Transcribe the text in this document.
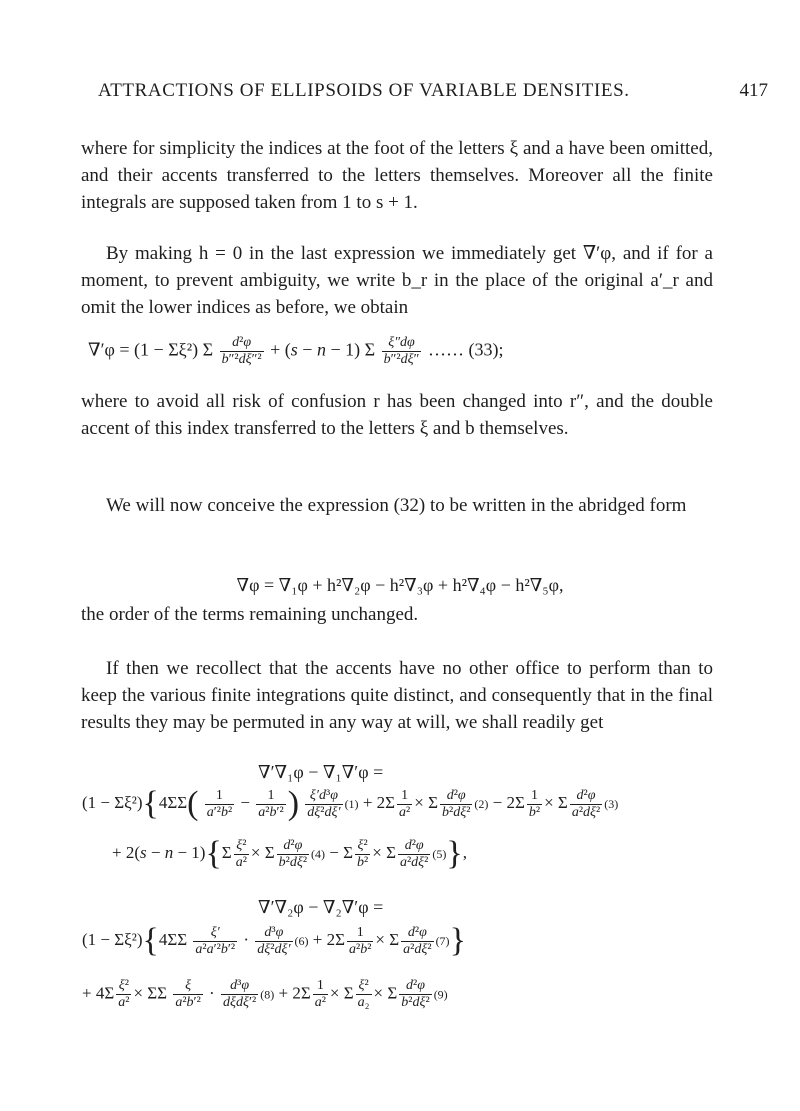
ATTRACTIONS OF ELLIPSOIDS OF VARIABLE DENSITIES.	417

where for simplicity the indices at the foot of the letters ξ and a have been omitted, and their accents transferred to the letters themselves. Moreover all the finite integrals are supposed taken from 1 to s + 1.

By making h = 0 in the last expression we immediately get ∇′φ, and if for a moment, to prevent ambiguity, we write b_r in the place of the original a′_r and omit the lower indices as before, we obtain

∇′φ = (1 − Σξ²) Σ $\frac{\text{d²φ}}{\text{b″²dξ″²}} + (s - n - 1)$ Σ $\frac{\xi''d\varphi}{\text{b″²dξ″}}$ …… (33);

where to avoid all risk of confusion r has been changed into r″, and the double accent of this index transferred to the letters ξ and b themselves.

We will now conceive the expression (32) to be written in the abridged form

∇φ = ∇₁φ + h²∇₂φ − h²∇₃φ + h²∇₄φ − h²∇₅φ,

the order of the terms remaining unchanged.

If then we recollect that the accents have no other office to perform than to keep the various finite integrations quite distinct, and consequently that in the final results they may be permuted in any way at will, we shall readily get

∇′∇₁φ − ∇₁∇′φ =
$(1 - \Sigma\xi^2)\{4\Sigma\Sigma( \frac{1}{\text{a′²b²}} - \frac{1}{\text{a²b′²}}$ ) $\frac{\text{ξ′d³φ}}{\text{dξ²dξ′}} (1) + 2\Sigma \frac{1}{\text{a²}} \times \Sigma \frac{\text{d²φ}}{\text{b²dξ²}} (2) - 2\Sigma \frac{1}{\text{b²}} \times \Sigma \frac{\text{d²φ}}{\text{a²dξ²}} (3)$
+ $2(s - n - 1)\{\Sigma \frac{\text{ξ²}}{\text{a²}} \times \Sigma \frac{\text{d²φ}}{\text{b²dξ²}} (4) - \Sigma \frac{\text{ξ²}}{\text{b²}} \times \Sigma \frac{\text{d²φ}}{\text{a²dξ²}} (5)\}$,
∇′∇₂φ − ∇₂∇′φ =
$(1 - \Sigma\xi^2)\{4\Sigma\Sigma \frac{\xi'}{\text{a²a′²b′²}} \cdot \frac{\text{d³φ}}{\text{dξ²dξ′}} (6) + 2\Sigma \frac{1}{\text{a²b²}} \times \Sigma \frac{\text{d²φ}}{\text{a²dξ²}} (7)\}$
+ $4\Sigma \frac{\text{ξ²}}{\text{a²}} \times \Sigma\Sigma \frac{\xi}{\text{a²b′²}} \cdot \frac{\text{d³φ}}{\text{dξdξ′²}} (8) + 2\Sigma \frac{1}{\text{a²}} \times \Sigma \frac{\text{ξ²}}{\text{a₂}} \times \Sigma \frac{\text{d²φ}}{\text{b²dξ²}} (9)$
